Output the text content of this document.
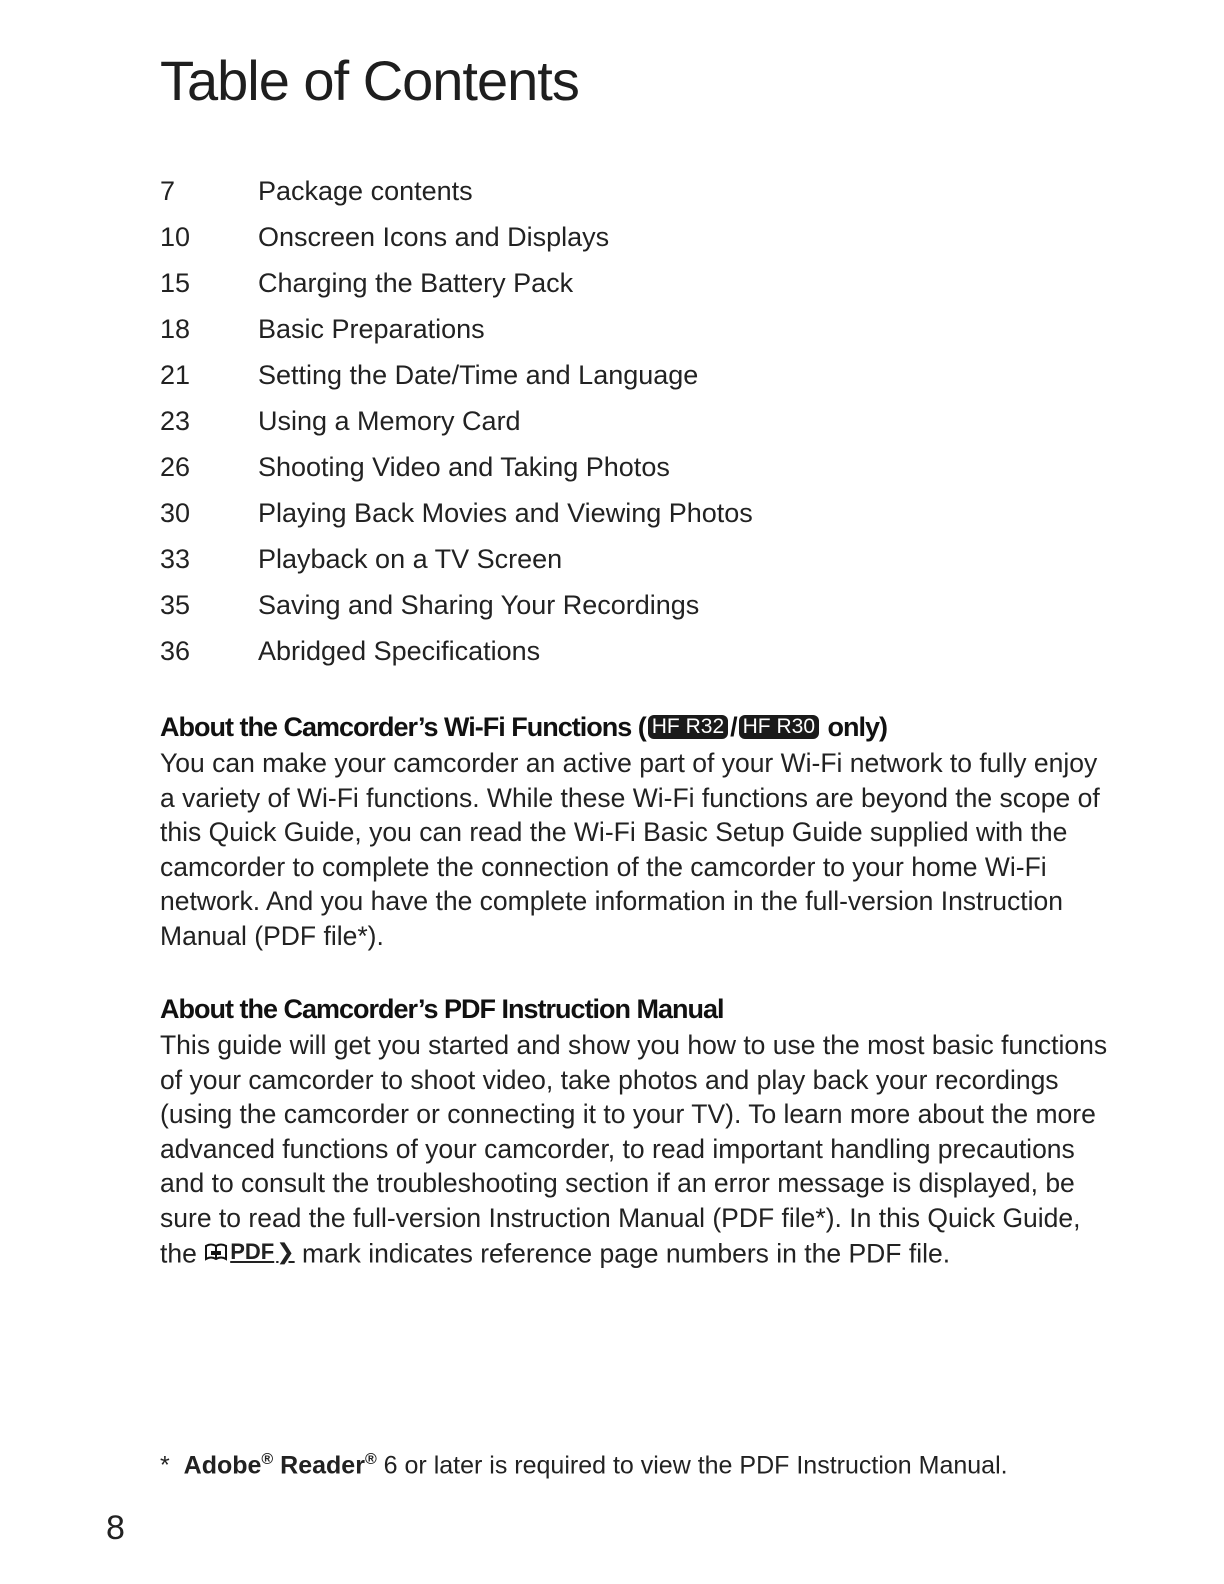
Table of Contents
7	Package contents
10	Onscreen Icons and Displays
15	Charging the Battery Pack
18	Basic Preparations
21	Setting the Date/Time and Language
23	Using a Memory Card
26	Shooting Video and Taking Photos
30	Playing Back Movies and Viewing Photos
33	Playback on a TV Screen
35	Saving and Sharing Your Recordings
36	Abridged Specifications
About the Camcorder’s Wi-Fi Functions ( HF R32 / HF R30 only)

You can make your camcorder an active part of your Wi-Fi network to fully enjoy a variety of Wi-Fi functions. While these Wi-Fi functions are beyond the scope of this Quick Guide, you can read the Wi-Fi Basic Setup Guide supplied with the camcorder to complete the connection of the camcorder to your home Wi-Fi network. And you have the complete information in the full-version Instruction Manual (PDF file*).

About the Camcorder’s PDF Instruction Manual

This guide will get you started and show you how to use the most basic functions of your camcorder to shoot video, take photos and play back your recordings (using the camcorder or connecting it to your TV). To learn more about the more advanced functions of your camcorder, to read important handling precautions and to consult the troubleshooting section if an error message is displayed, be sure to read the full-version Instruction Manual (PDF file*). In this Quick Guide, the PDF ❯ mark indicates reference page numbers in the PDF file.

* Adobe® Reader® 6 or later is required to view the PDF Instruction Manual.
8
